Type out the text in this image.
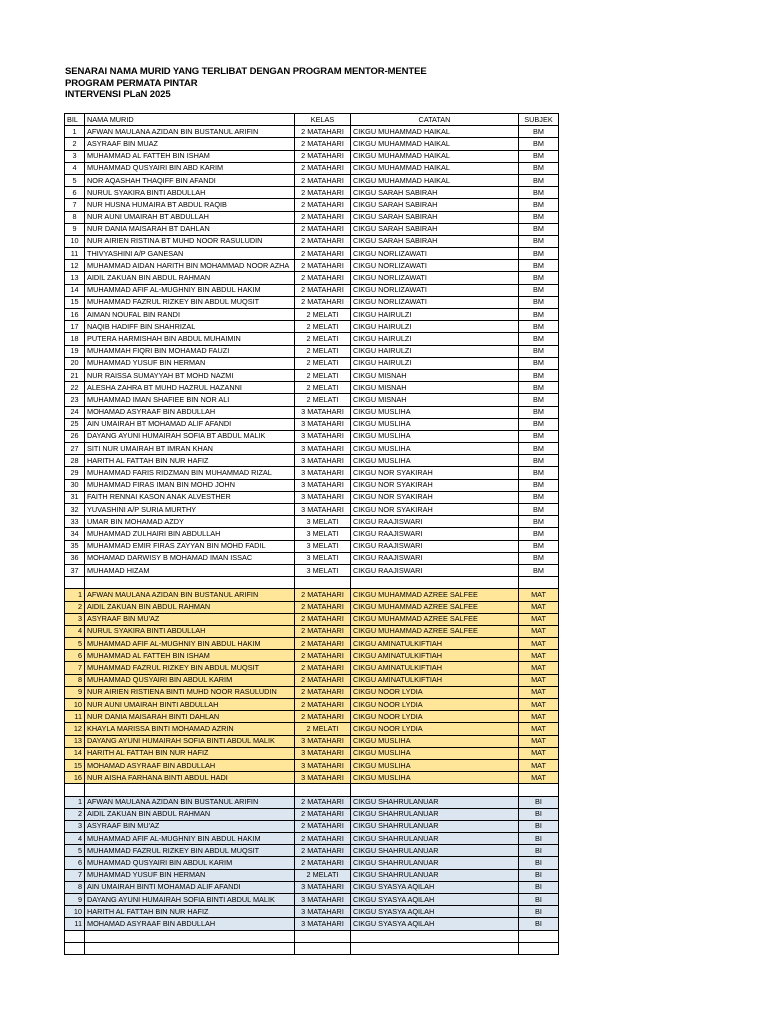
SENARAI NAMA MURID YANG TERLIBAT DENGAN PROGRAM MENTOR-MENTEE
PROGRAM PERMATA PINTAR
INTERVENSI PLaN 2025
BIL	NAMA MURID	KELAS	CATATAN	SUBJEK
1	AFWAN MAULANA AZIDAN BIN BUSTANUL ARIFIN	2 MATAHARI	CIKGU MUHAMMAD HAIKAL	BM
2	ASYRAAF BIN MUAZ	2 MATAHARI	CIKGU MUHAMMAD HAIKAL	BM
3	MUHAMMAD AL FATTEH BIN ISHAM	2 MATAHARI	CIKGU MUHAMMAD HAIKAL	BM
4	MUHAMMAD QUSYAIRI BIN ABD KARIM	2 MATAHARI	CIKGU MUHAMMAD HAIKAL	BM
5	NOR AQASHAH THAQIFF BIN AFANDI	2 MATAHARI	CIKGU MUHAMMAD HAIKAL	BM
6	NURUL SYAKIRA BINTI ABDULLAH	2 MATAHARI	CIKGU SARAH SABIRAH	BM
7	NUR HUSNA HUMAIRA BT ABDUL RAQIB	2 MATAHARI	CIKGU SARAH SABIRAH	BM
8	NUR AUNI UMAIRAH BT ABDULLAH	2 MATAHARI	CIKGU SARAH SABIRAH	BM
9	NUR DANIA MAISARAH BT DAHLAN	2 MATAHARI	CIKGU SARAH SABIRAH	BM
10	NUR AIRIEN RISTINA BT MUHD NOOR RASULUDIN	2 MATAHARI	CIKGU SARAH SABIRAH	BM
11	THIVYASHINI A/P GANESAN	2 MATAHARI	CIKGU NORLIZAWATI	BM
12	MUHAMMAD AIDAN HARITH BIN MOHAMMAD NOOR AZHA	2 MATAHARI	CIKGU NORLIZAWATI	BM
13	AIDIL ZAKUAN BIN ABDUL RAHMAN	2 MATAHARI	CIKGU NORLIZAWATI	BM
14	MUHAMMAD AFIF AL-MUGHNIY BIN ABDUL HAKIM	2 MATAHARI	CIKGU NORLIZAWATI	BM
15	MUHAMMAD FAZRUL RIZKEY BIN ABDUL MUQSIT	2 MATAHARI	CIKGU NORLIZAWATI	BM
16	AIMAN NOUFAL BIN RANDI	2 MELATI	CIKGU HAIRULZI	BM
17	NAQIB HADIFF BIN SHAHRIZAL	2 MELATI	CIKGU HAIRULZI	BM
18	PUTERA HARMISHAH BIN ABDUL MUHAIMIN	2 MELATI	CIKGU HAIRULZI	BM
19	MUHAMMAH FIQRI BIN MOHAMAD FAUZI	2 MELATI	CIKGU HAIRULZI	BM
20	MUHAMMAD YUSUF BIN HERMAN	2 MELATI	CIKGU HAIRULZI	BM
21	NUR RAISSA SUMAYYAH BT MOHD NAZMI	2 MELATI	CIKGU MISNAH	BM
22	ALESHA ZAHRA BT MUHD HAZRUL HAZANNI	2 MELATI	CIKGU MISNAH	BM
23	MUHAMMAD IMAN SHAFIEE BIN NOR ALI	2 MELATI	CIKGU MISNAH	BM
24	MOHAMAD ASYRAAF BIN ABDULLAH	3 MATAHARI	CIKGU MUSLIHA	BM
25	AIN UMAIRAH BT MOHAMAD ALIF AFANDI	3 MATAHARI	CIKGU MUSLIHA	BM
26	DAYANG AYUNI HUMAIRAH SOFIA BT ABDUL MALIK	3 MATAHARI	CIKGU MUSLIHA	BM
27	SITI NUR UMAIRAH BT IMRAN KHAN	3 MATAHARI	CIKGU MUSLIHA	BM
28	HARITH AL FATTAH BIN NUR HAFIZ	3 MATAHARI	CIKGU MUSLIHA	BM
29	MUHAMMAD FARIS RIDZMAN BIN MUHAMMAD RIZAL	3 MATAHARI	CIKGU NOR SYAKIRAH	BM
30	MUHAMMAD FIRAS IMAN BIN MOHD JOHN	3 MATAHARI	CIKGU NOR SYAKIRAH	BM
31	FAITH RENNAI KASON ANAK ALVESTHER	3 MATAHARI	CIKGU NOR SYAKIRAH	BM
32	YUVASHINI A/P SURIA MURTHY	3 MATAHARI	CIKGU NOR SYAKIRAH	BM
33	UMAR BIN MOHAMAD AZDY	3 MELATI	CIKGU RAAJISWARI	BM
34	MUHAMMAD ZULHAIRI BIN ABDULLAH	3 MELATI	CIKGU RAAJISWARI	BM
35	MUHAMMAD EMIR FIRAS ZAYYAN BIN MOHD FADIL	3 MELATI	CIKGU RAAJISWARI	BM
36	MOHAMAD DARWISY B MOHAMAD IMAN ISSAC	3 MELATI	CIKGU RAAJISWARI	BM
37	MUHAMAD HIZAM	3 MELATI	CIKGU RAAJISWARI	BM

1	AFWAN MAULANA AZIDAN BIN BUSTANUL ARIFIN	2 MATAHARI	CIKGU MUHAMMAD AZREE SALFEE	MAT
2	AIDIL ZAKUAN BIN ABDUL RAHMAN	2 MATAHARI	CIKGU MUHAMMAD AZREE SALFEE	MAT
3	ASYRAAF BIN MU'AZ	2 MATAHARI	CIKGU MUHAMMAD AZREE SALFEE	MAT
4	NURUL SYAKIRA BINTI ABDULLAH	2 MATAHARI	CIKGU MUHAMMAD AZREE SALFEE	MAT
5	MUHAMMAD AFIF AL-MUGHNIY BIN ABDUL HAKIM	2 MATAHARI	CIKGU AMINATULKIFTIAH	MAT
6	MUHAMMAD AL FATTEH BIN ISHAM	2 MATAHARI	CIKGU AMINATULKIFTIAH	MAT
7	MUHAMMAD FAZRUL RIZKEY BIN ABDUL MUQSIT	2 MATAHARI	CIKGU AMINATULKIFTIAH	MAT
8	MUHAMMAD QUSYAIRI BIN ABDUL KARIM	2 MATAHARI	CIKGU AMINATULKIFTIAH	MAT
9	NUR AIRIEN RISTIENA BINTI MUHD NOOR RASULUDIN	2 MATAHARI	CIKGU NOOR LYDIA	MAT
10	NUR AUNI UMAIRAH BINTI ABDULLAH	2 MATAHARI	CIKGU NOOR LYDIA	MAT
11	NUR DANIA MAISARAH BINTI DAHLAN	2 MATAHARI	CIKGU NOOR LYDIA	MAT
12	KHAYLA MARISSA BINTI MOHAMAD AZRIN	2 MELATI	CIKGU NOOR LYDIA	MAT
13	DAYANG AYUNI HUMAIRAH SOFIA BINTI ABDUL MALIK	3 MATAHARI	CIKGU MUSLIHA	MAT
14	HARITH AL FATTAH BIN NUR HAFIZ	3 MATAHARI	CIKGU MUSLIHA	MAT
15	MOHAMAD ASYRAAF BIN ABDULLAH	3 MATAHARI	CIKGU MUSLIHA	MAT
16	NUR AISHA FARHANA BINTI ABDUL HADI	3 MATAHARI	CIKGU MUSLIHA	MAT

1	AFWAN MAULANA AZIDAN BIN BUSTANUL ARIFIN	2 MATAHARI	CIKGU SHAHRULANUAR	BI
2	AIDIL ZAKUAN BIN ABDUL RAHMAN	2 MATAHARI	CIKGU SHAHRULANUAR	BI
3	ASYRAAF BIN MU'AZ	2 MATAHARI	CIKGU SHAHRULANUAR	BI
4	MUHAMMAD AFIF AL-MUGHNIY BIN ABDUL HAKIM	2 MATAHARI	CIKGU SHAHRULANUAR	BI
5	MUHAMMAD FAZRUL RIZKEY BIN ABDUL MUQSIT	2 MATAHARI	CIKGU SHAHRULANUAR	BI
6	MUHAMMAD QUSYAIRI BIN ABDUL KARIM	2 MATAHARI	CIKGU SHAHRULANUAR	BI
7	MUHAMMAD YUSUF BIN HERMAN	2 MELATI	CIKGU SHAHRULANUAR	BI
8	AIN UMAIRAH BINTI MOHAMAD ALIF AFANDI	3 MATAHARI	CIKGU SYASYA AQILAH	BI
9	DAYANG AYUNI HUMAIRAH SOFIA BINTI ABDUL MALIK	3 MATAHARI	CIKGU SYASYA AQILAH	BI
10	HARITH AL FATTAH BIN NUR HAFIZ	3 MATAHARI	CIKGU SYASYA AQILAH	BI
11	MOHAMAD ASYRAAF BIN ABDULLAH	3 MATAHARI	CIKGU SYASYA AQILAH	BI
